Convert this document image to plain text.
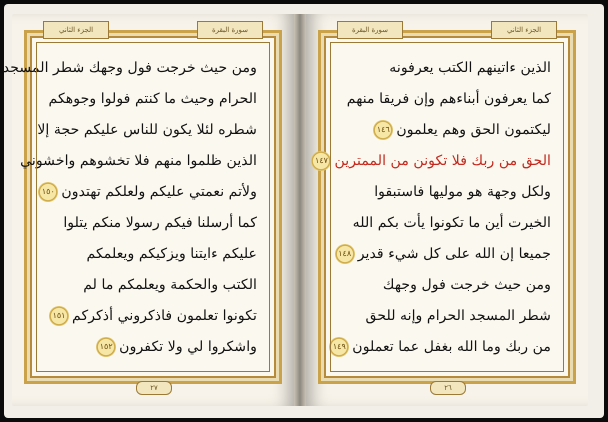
الجزء الثاني	سورة البقرة
ومن حيث خرجت فول وجهك شطر المسجد
الحرام وحيث ما كنتم فولوا وجوهكم
شطره لئلا يكون للناس عليكم حجة إلا
الذين ظلموا منهم فلا تخشوهم واخشوني
ولأتم نعمتي عليكم ولعلكم تهتدون١٥٠
كما أرسلنا فيكم رسولا منكم يتلوا
عليكم ءايتنا ويزكيكم ويعلمكم
الكتب والحكمة ويعلمكم ما لم
تكونوا تعلمون فاذكروني أذكركم١٥١
واشكروا لي ولا تكفرون١٥٢
٢٧
سورة البقرة	الجزء الثاني
الذين ءاتينهم الكتب يعرفونه
كما يعرفون أبناءهم وإن فريقا منهم
ليكتمون الحق وهم يعلمون١٤٦
الحق من ربك فلا تكونن من الممترين١٤٧
ولكل وجهة هو موليها فاستبقوا
الخيرت أين ما تكونوا يأت بكم الله
جميعا إن الله على كل شيء قدير١٤٨
ومن حيث خرجت فول وجهك
شطر المسجد الحرام وإنه للحق
من ربك وما الله بغفل عما تعملون١٤٩
٢٦
